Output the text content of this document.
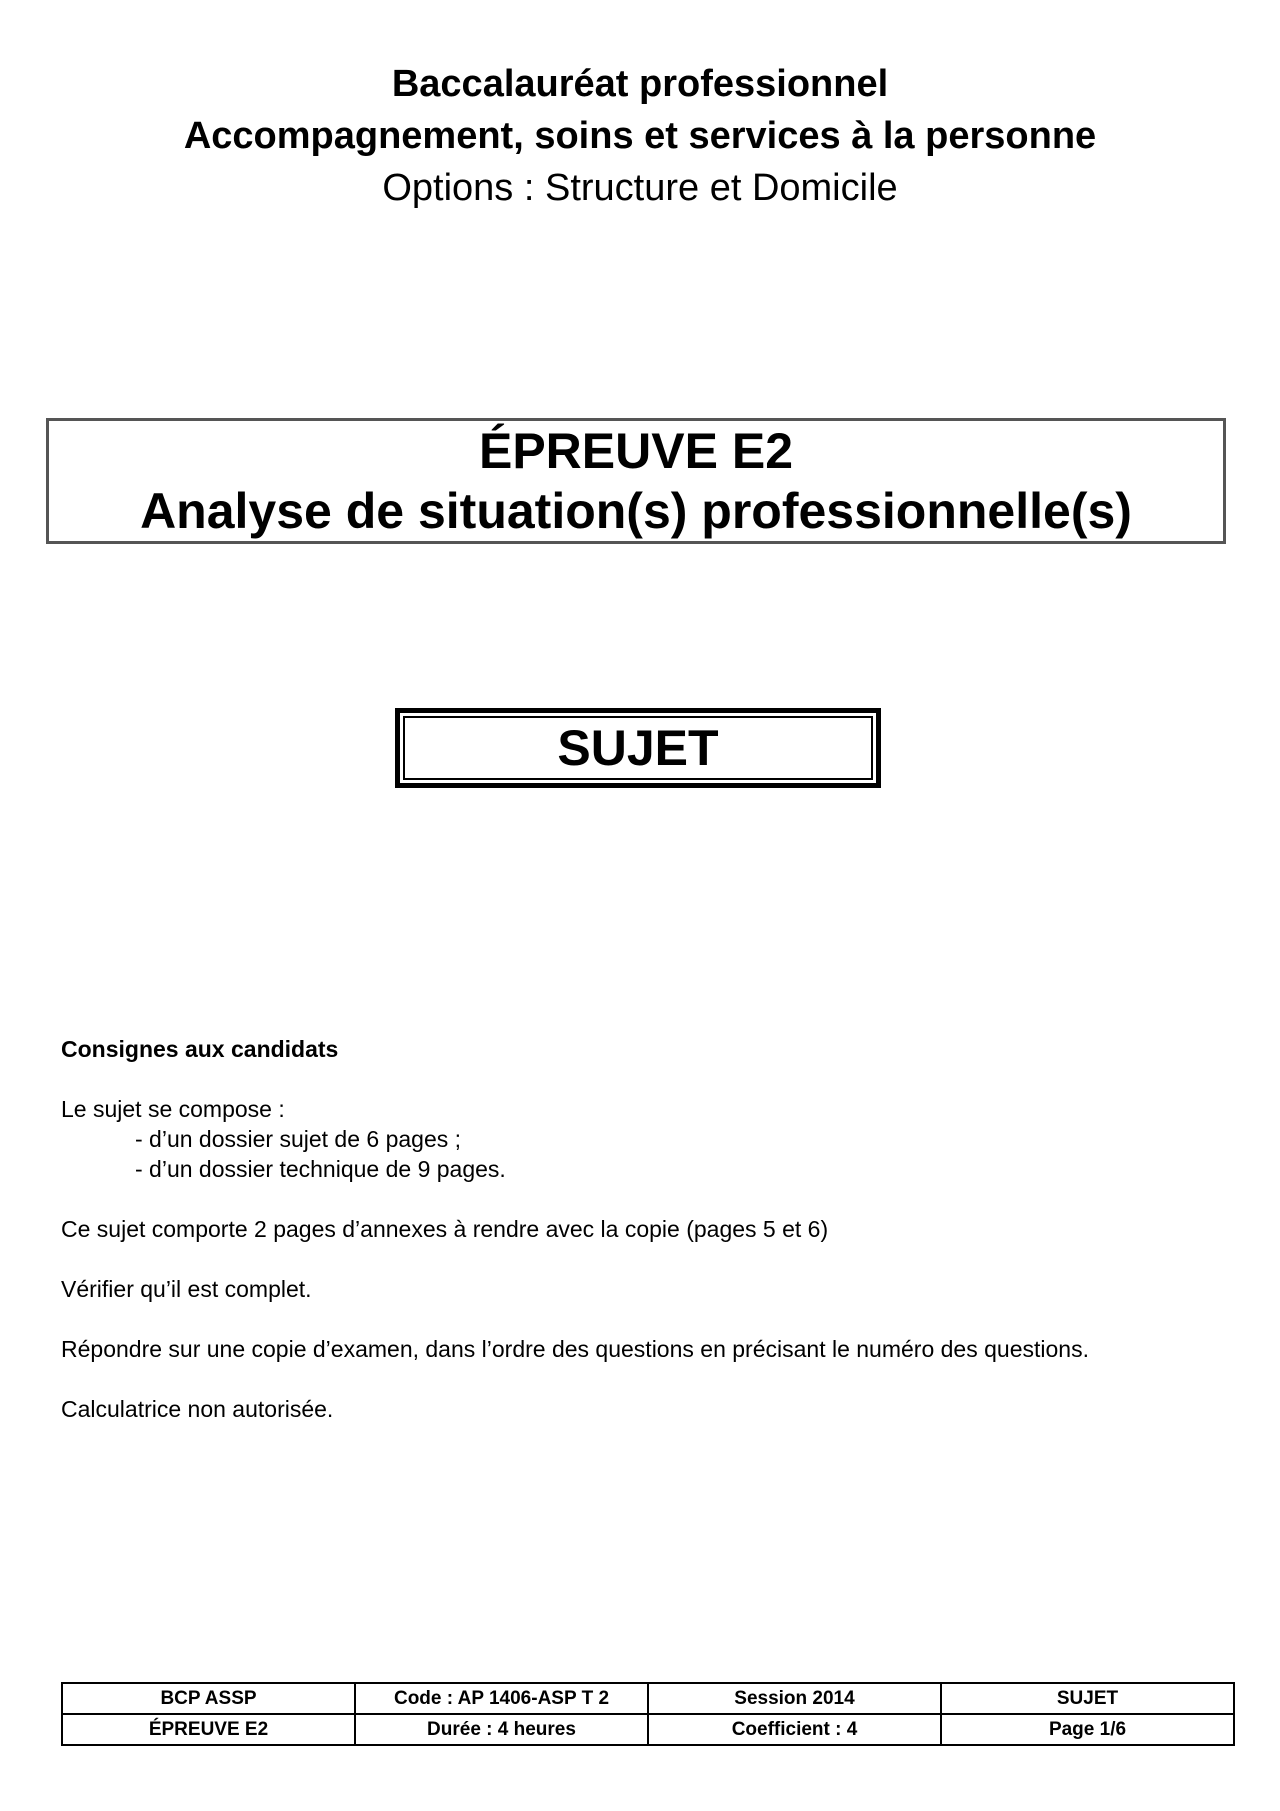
Baccalauréat professionnel
Accompagnement, soins et services à la personne
Options : Structure et Domicile
ÉPREUVE E2
Analyse de situation(s) professionnelle(s)
SUJET
Consignes aux candidats
Le sujet se compose :
- d’un dossier sujet de 6 pages ;
- d’un dossier technique de 9 pages.
Ce sujet comporte 2 pages d’annexes à rendre avec la copie (pages 5 et 6)
Vérifier qu’il est complet.
Répondre sur une copie d’examen, dans l’ordre des questions en précisant le numéro des questions.
Calculatrice non autorisée.
BCP ASSP	Code : AP 1406-ASP T 2	Session 2014	SUJET
ÉPREUVE E2	Durée : 4 heures	Coefficient : 4	Page 1/6
